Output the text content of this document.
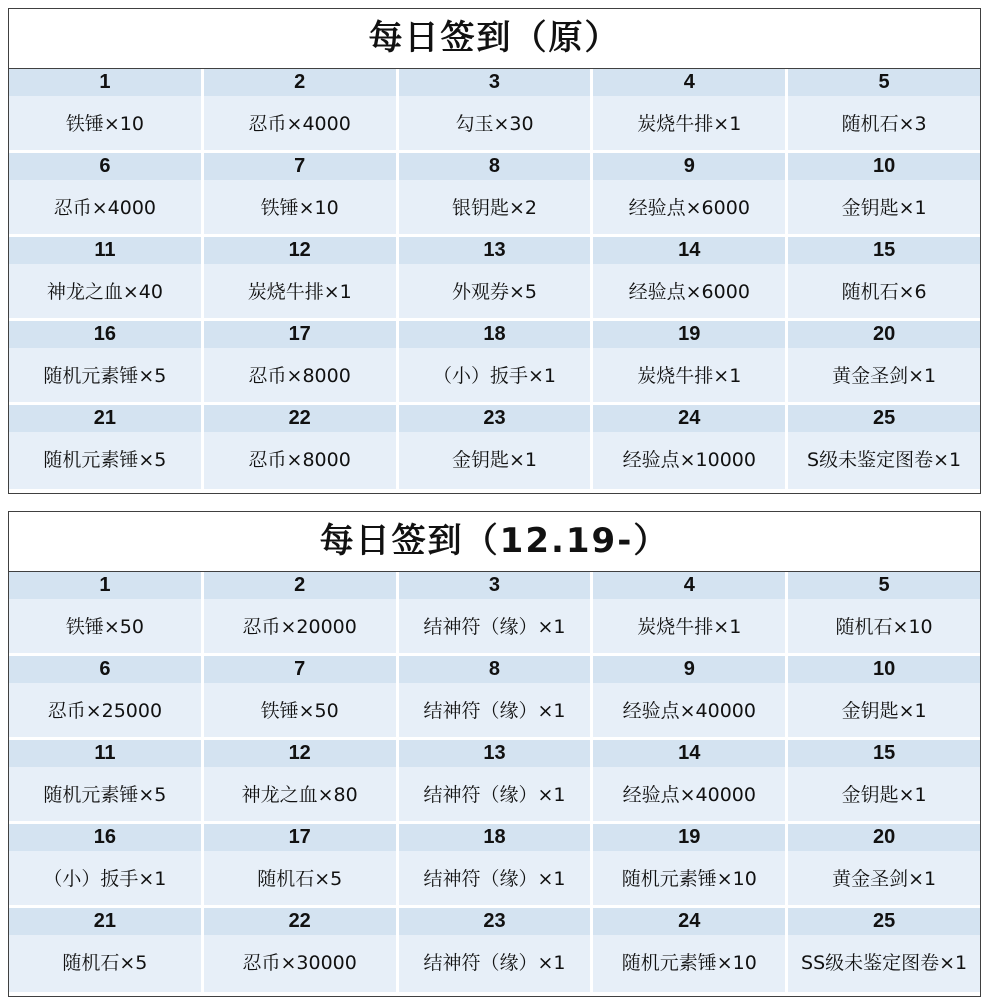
每日签到（原）
1
铁锤×10
2
忍币×4000
3
勾玉×30
4
炭烧牛排×1
5
随机石×3
6
忍币×4000
7
铁锤×10
8
银钥匙×2
9
经验点×6000
10
金钥匙×1
11
神龙之血×40
12
炭烧牛排×1
13
外观券×5
14
经验点×6000
15
随机石×6
16
随机元素锤×5
17
忍币×8000
18
（小）扳手×1
19
炭烧牛排×1
20
黄金圣剑×1
21
随机元素锤×5
22
忍币×8000
23
金钥匙×1
24
经验点×10000
25
S级未鉴定图卷×1
每日签到（12.19-）
1
铁锤×50
2
忍币×20000
3
结神符（缘）×1
4
炭烧牛排×1
5
随机石×10
6
忍币×25000
7
铁锤×50
8
结神符（缘）×1
9
经验点×40000
10
金钥匙×1
11
随机元素锤×5
12
神龙之血×80
13
结神符（缘）×1
14
经验点×40000
15
金钥匙×1
16
（小）扳手×1
17
随机石×5
18
结神符（缘）×1
19
随机元素锤×10
20
黄金圣剑×1
21
随机石×5
22
忍币×30000
23
结神符（缘）×1
24
随机元素锤×10
25
SS级未鉴定图卷×1
